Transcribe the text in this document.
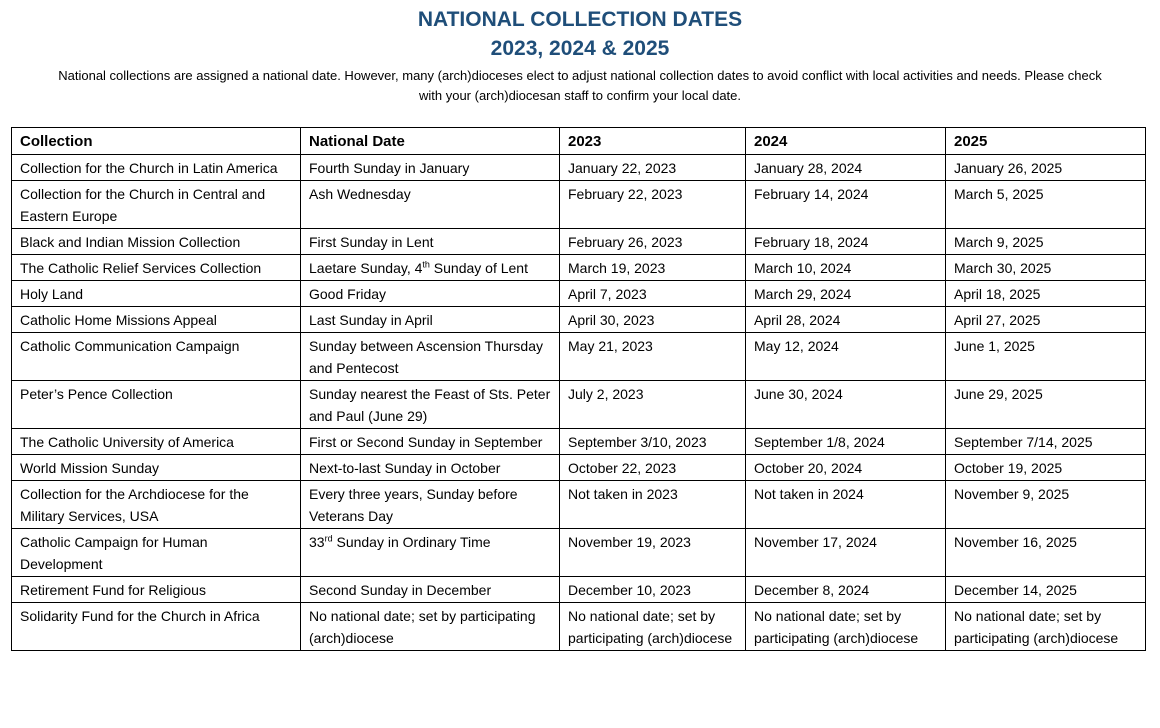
NATIONAL COLLECTION DATES
2023, 2024 & 2025

National collections are assigned a national date. However, many (arch)dioceses elect to adjust national collection dates to avoid conflict with local activities and needs. Please check with your (arch)diocesan staff to confirm your local date.

Collection	National Date	2023	2024	2025
Collection for the Church in Latin America	Fourth Sunday in January	January 22, 2023	January 28, 2024	January 26, 2025
Collection for the Church in Central and Eastern Europe	Ash Wednesday	February 22, 2023	February 14, 2024	March 5, 2025
Black and Indian Mission Collection	First Sunday in Lent	February 26, 2023	February 18, 2024	March 9, 2025
The Catholic Relief Services Collection	Laetare Sunday, 4th Sunday of Lent	March 19, 2023	March 10, 2024	March 30, 2025
Holy Land	Good Friday	April 7, 2023	March 29, 2024	April 18, 2025
Catholic Home Missions Appeal	Last Sunday in April	April 30, 2023	April 28, 2024	April 27, 2025
Catholic Communication Campaign	Sunday between Ascension Thursday and Pentecost	May 21, 2023	May 12, 2024	June 1, 2025
Peter’s Pence Collection	Sunday nearest the Feast of Sts. Peter and Paul (June 29)	July 2, 2023	June 30, 2024	June 29, 2025
The Catholic University of America	First or Second Sunday in September	September 3/10, 2023	September 1/8, 2024	September 7/14, 2025
World Mission Sunday	Next-to-last Sunday in October	October 22, 2023	October 20, 2024	October 19, 2025
Collection for the Archdiocese for the Military Services, USA	Every three years, Sunday before Veterans Day	Not taken in 2023	Not taken in 2024	November 9, 2025
Catholic Campaign for Human Development	33rd Sunday in Ordinary Time	November 19, 2023	November 17, 2024	November 16, 2025
Retirement Fund for Religious	Second Sunday in December	December 10, 2023	December 8, 2024	December 14, 2025
Solidarity Fund for the Church in Africa	No national date; set by participating (arch)diocese	No national date; set by participating (arch)diocese	No national date; set by participating (arch)diocese	No national date; set by participating (arch)diocese
